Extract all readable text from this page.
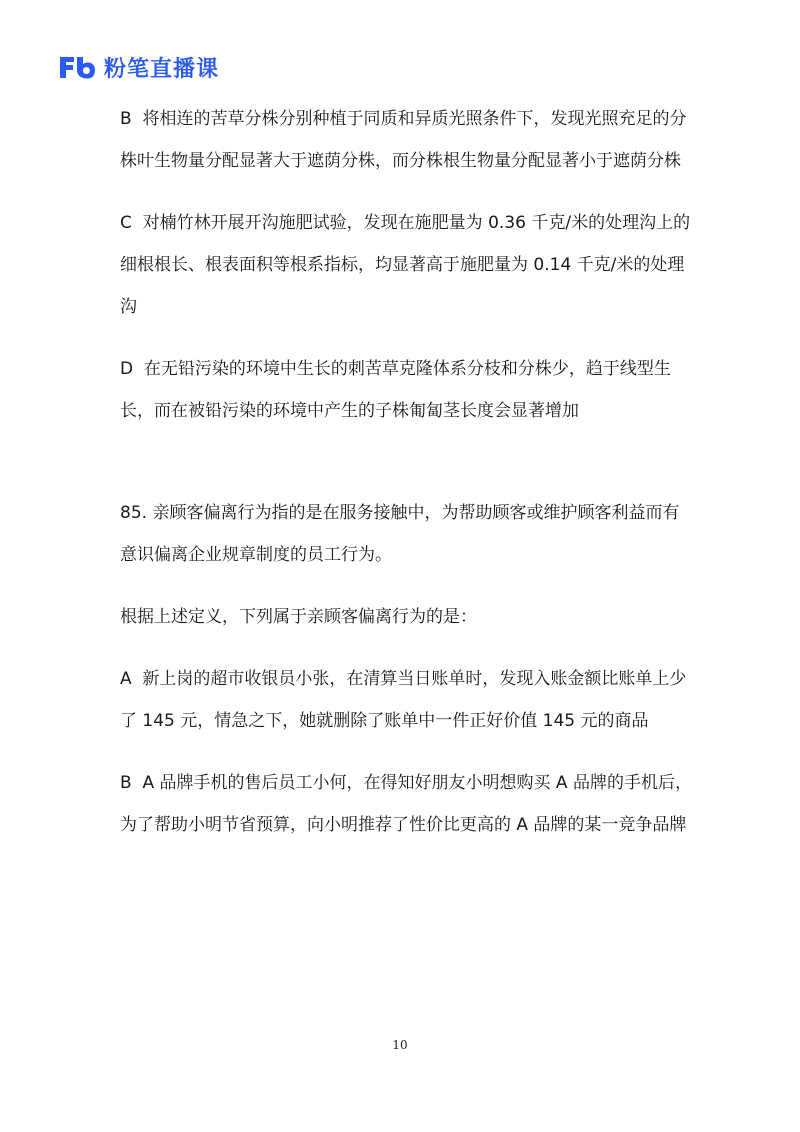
粉笔直播课

B  将相连的苦草分株分别种植于同质和异质光照条件下，发现光照充足的分株叶生物量分配显著大于遮荫分株，而分株根生物量分配显著小于遮荫分株

C  对楠竹林开展开沟施肥试验，发现在施肥量为 0.36 千克/米的处理沟上的细根根长、根表面积等根系指标，均显著高于施肥量为 0.14 千克/米的处理沟

D  在无铅污染的环境中生长的刺苦草克隆体系分枝和分株少，趋于线型生长，而在被铅污染的环境中产生的子株匍匐茎长度会显著增加

85. 亲顾客偏离行为指的是在服务接触中，为帮助顾客或维护顾客利益而有意识偏离企业规章制度的员工行为。

根据上述定义，下列属于亲顾客偏离行为的是：

A  新上岗的超市收银员小张，在清算当日账单时，发现入账金额比账单上少了 145 元，情急之下，她就删除了账单中一件正好价值 145 元的商品

B  A 品牌手机的售后员工小何，在得知好朋友小明想购买 A 品牌的手机后，为了帮助小明节省预算，向小明推荐了性价比更高的 A 品牌的某一竞争品牌

10
